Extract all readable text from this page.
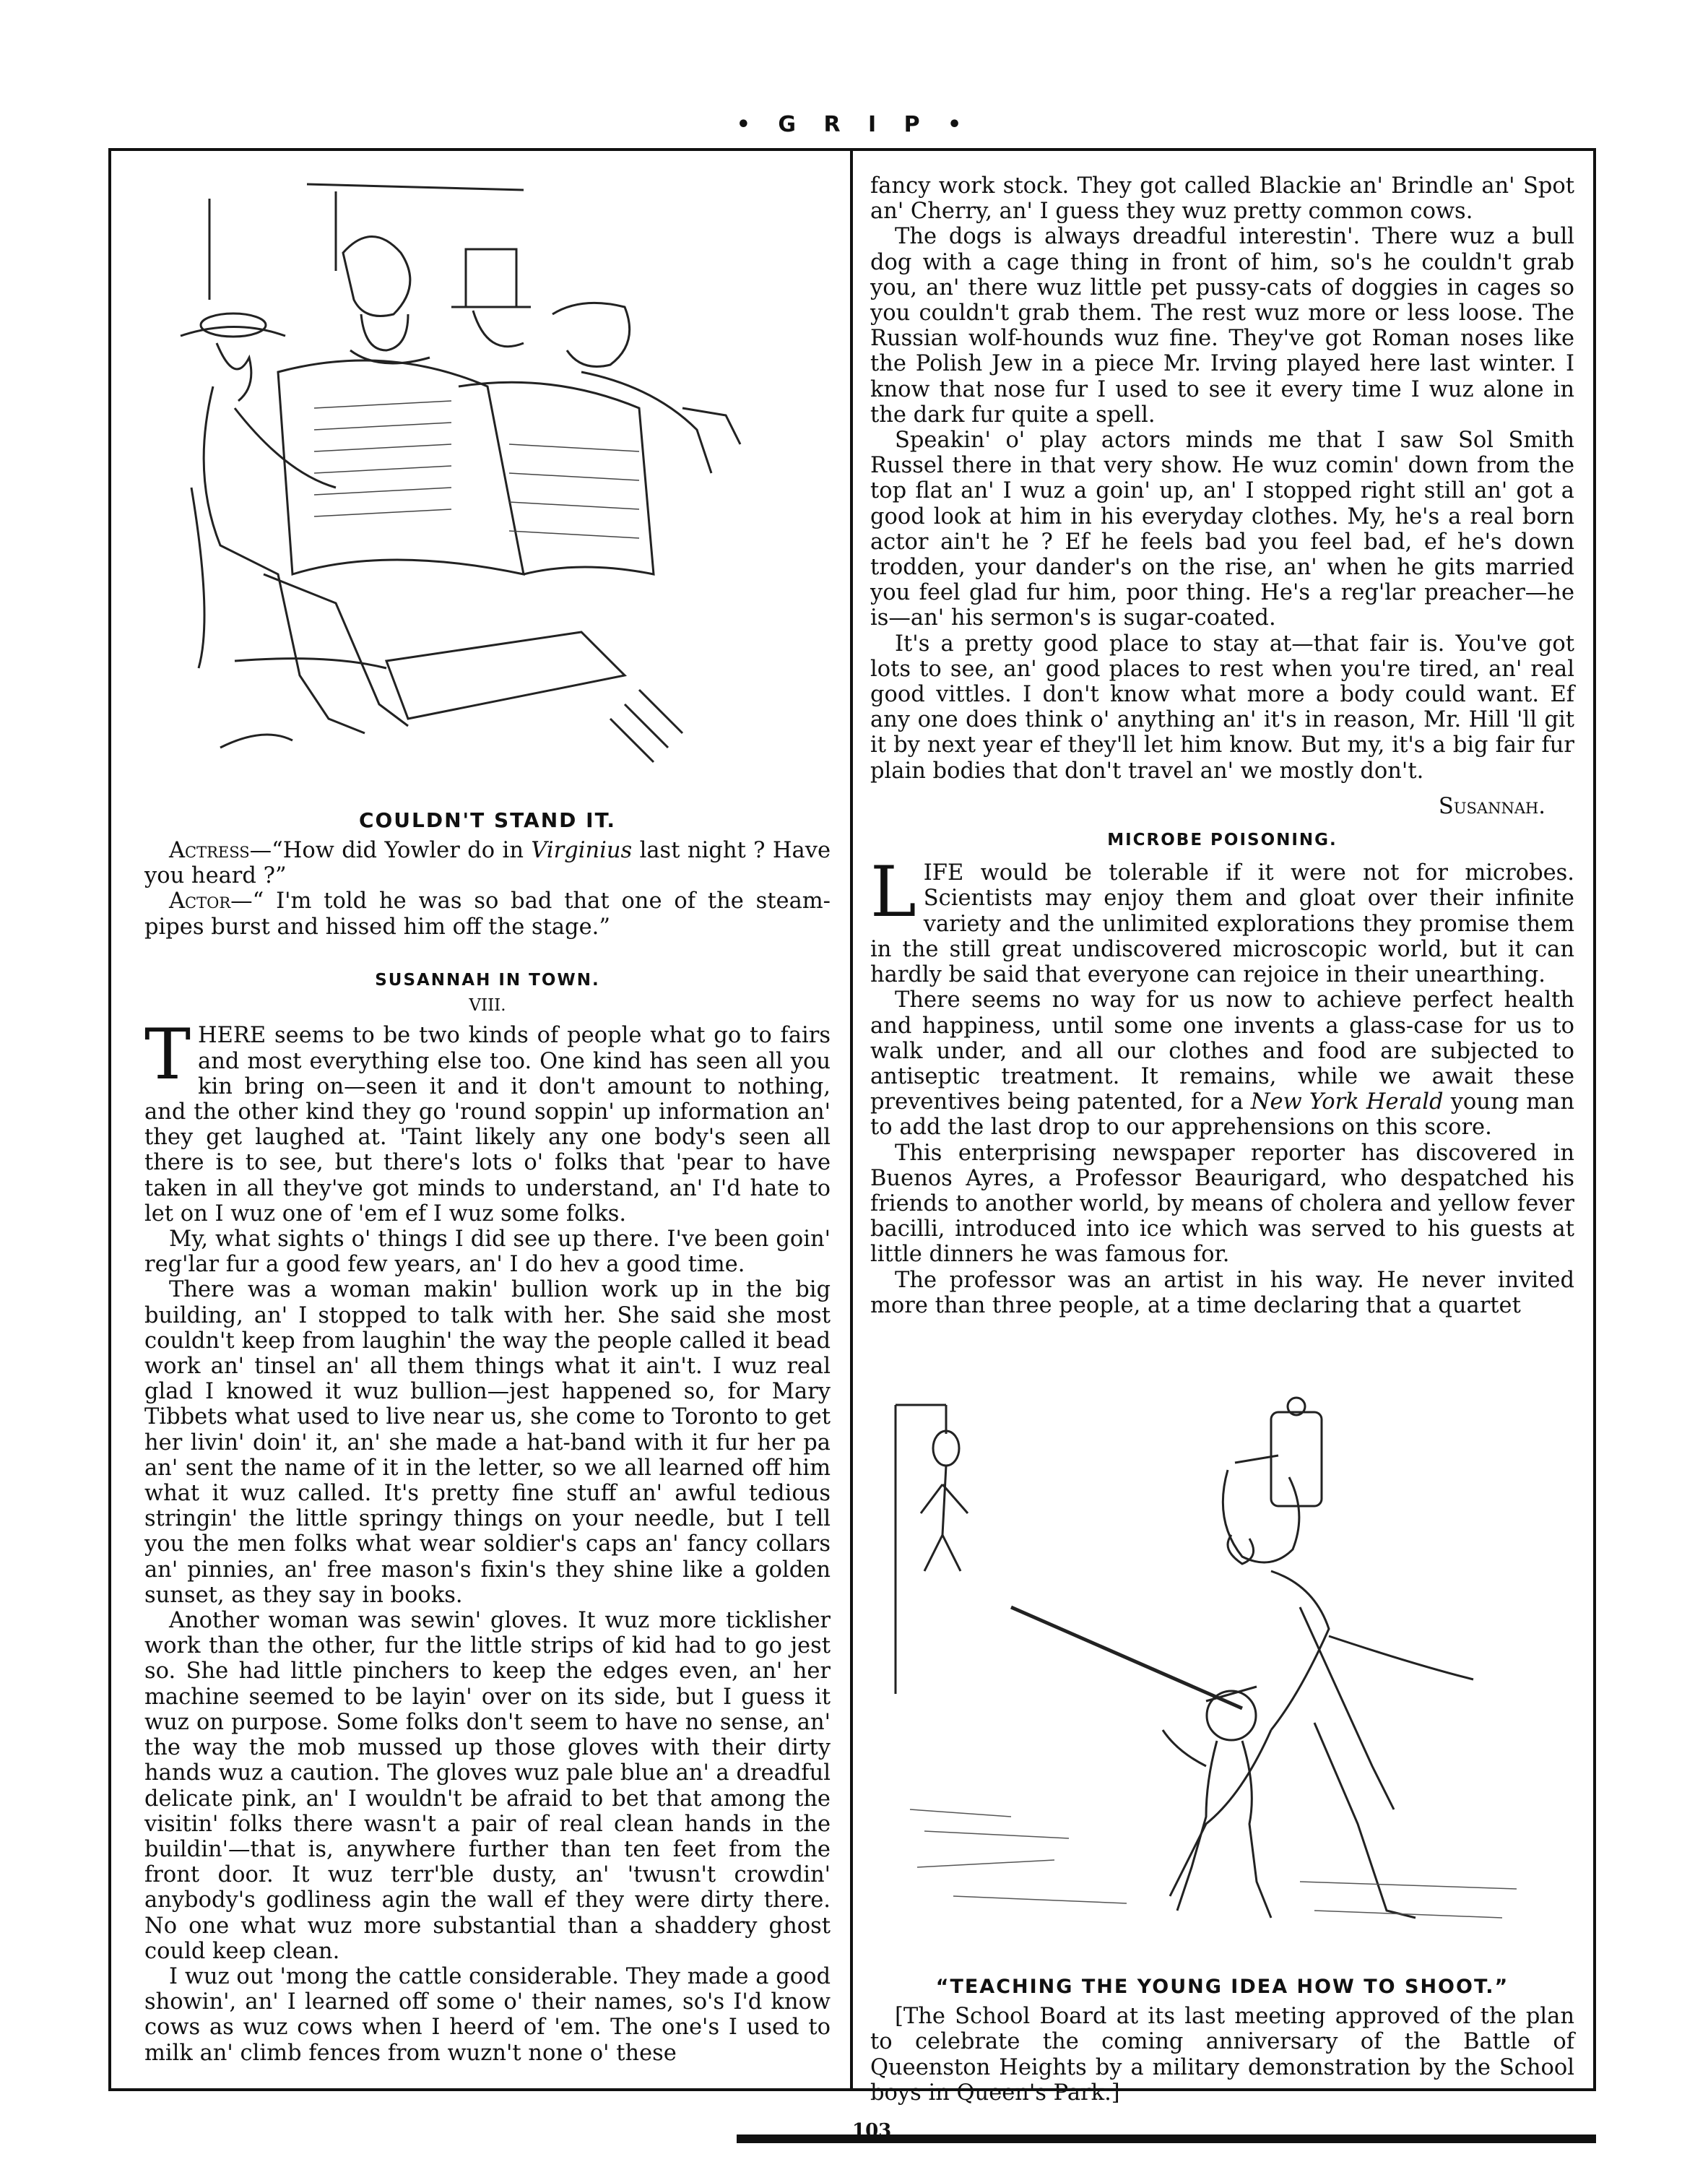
• G R I P •
COULDN'T STAND IT.

Actress—“How did Yowler do in Virginius last night ? Have you heard ?”

Actor—“ I'm told he was so bad that one of the steam-pipes burst and hissed him off the stage.”

SUSANNAH IN TOWN.
VIII.

THERE seems to be two kinds of people what go to fairs and most everything else too. One kind has seen all you kin bring on—seen it and it don't amount to nothing, and the other kind they go 'round soppin' up information an' they get laughed at. 'Taint likely any one body's seen all there is to see, but there's lots o' folks that 'pear to have taken in all they've got minds to understand, an' I'd hate to let on I wuz one of 'em ef I wuz some folks.

My, what sights o' things I did see up there. I've been goin' reg'lar fur a good few years, an' I do hev a good time.

There was a woman makin' bullion work up in the big building, an' I stopped to talk with her. She said she most couldn't keep from laughin' the way the people called it bead work an' tinsel an' all them things what it ain't. I wuz real glad I knowed it wuz bullion—jest happened so, for Mary Tibbets what used to live near us, she come to Toronto to get her livin' doin' it, an' she made a hat-band with it fur her pa an' sent the name of it in the letter, so we all learned off him what it wuz called. It's pretty fine stuff an' awful tedious stringin' the little springy things on your needle, but I tell you the men folks what wear soldier's caps an' fancy collars an' pinnies, an' free mason's fixin's they shine like a golden sunset, as they say in books.

Another woman was sewin' gloves. It wuz more ticklisher work than the other, fur the little strips of kid had to go jest so. She had little pinchers to keep the edges even, an' her machine seemed to be layin' over on its side, but I guess it wuz on purpose. Some folks don't seem to have no sense, an' the way the mob mussed up those gloves with their dirty hands wuz a caution. The gloves wuz pale blue an' a dreadful delicate pink, an' I wouldn't be afraid to bet that among the visitin' folks there wasn't a pair of real clean hands in the buildin'—that is, anywhere further than ten feet from the front door. It wuz terr'ble dusty, an' 'twusn't crowdin' anybody's godliness agin the wall ef they were dirty there. No one what wuz more substantial than a shaddery ghost could keep clean.

I wuz out 'mong the cattle considerable. They made a good showin', an' I learned off some o' their names, so's I'd know cows as wuz cows when I heerd of 'em. The one's I used to milk an' climb fences from wuzn't none o' these

fancy work stock. They got called Blackie an' Brindle an' Spot an' Cherry, an' I guess they wuz pretty common cows.

The dogs is always dreadful interestin'. There wuz a bull dog with a cage thing in front of him, so's he couldn't grab you, an' there wuz little pet pussy-cats of doggies in cages so you couldn't grab them. The rest wuz more or less loose. The Russian wolf-hounds wuz fine. They've got Roman noses like the Polish Jew in a piece Mr. Irving played here last winter. I know that nose fur I used to see it every time I wuz alone in the dark fur quite a spell.

Speakin' o' play actors minds me that I saw Sol Smith Russel there in that very show. He wuz comin' down from the top flat an' I wuz a goin' up, an' I stopped right still an' got a good look at him in his everyday clothes. My, he's a real born actor ain't he ? Ef he feels bad you feel bad, ef he's down trodden, your dander's on the rise, an' when he gits married you feel glad fur him, poor thing. He's a reg'lar preacher—he is—an' his sermon's is sugar-coated.

It's a pretty good place to stay at—that fair is. You've got lots to see, an' good places to rest when you're tired, an' real good vittles. I don't know what more a body could want. Ef any one does think o' anything an' it's in reason, Mr. Hill 'll git it by next year ef they'll let him know. But my, it's a big fair fur plain bodies that don't travel an' we mostly don't.

Susannah.
MICROBE POISONING.

LIFE would be tolerable if it were not for microbes. Scientists may enjoy them and gloat over their infinite variety and the unlimited explorations they promise them in the still great undiscovered microscopic world, but it can hardly be said that everyone can rejoice in their unearthing.

There seems no way for us now to achieve perfect health and happiness, until some one invents a glass-case for us to walk under, and all our clothes and food are subjected to antiseptic treatment. It remains, while we await these preventives being patented, for a New York Herald young man to add the last drop to our apprehensions on this score.

This enterprising newspaper reporter has discovered in Buenos Ayres, a Professor Beaurigard, who despatched his friends to another world, by means of cholera and yellow fever bacilli, introduced into ice which was served to his guests at little dinners he was famous for.

The professor was an artist in his way. He never invited more than three people, at a time declaring that a quartet

“TEACHING THE YOUNG IDEA HOW TO SHOOT.”

[The School Board at its last meeting approved of the plan to celebrate the coming anniversary of the Battle of Queenston Heights by a military demonstration by the School boys in Queen's Park.]

103
